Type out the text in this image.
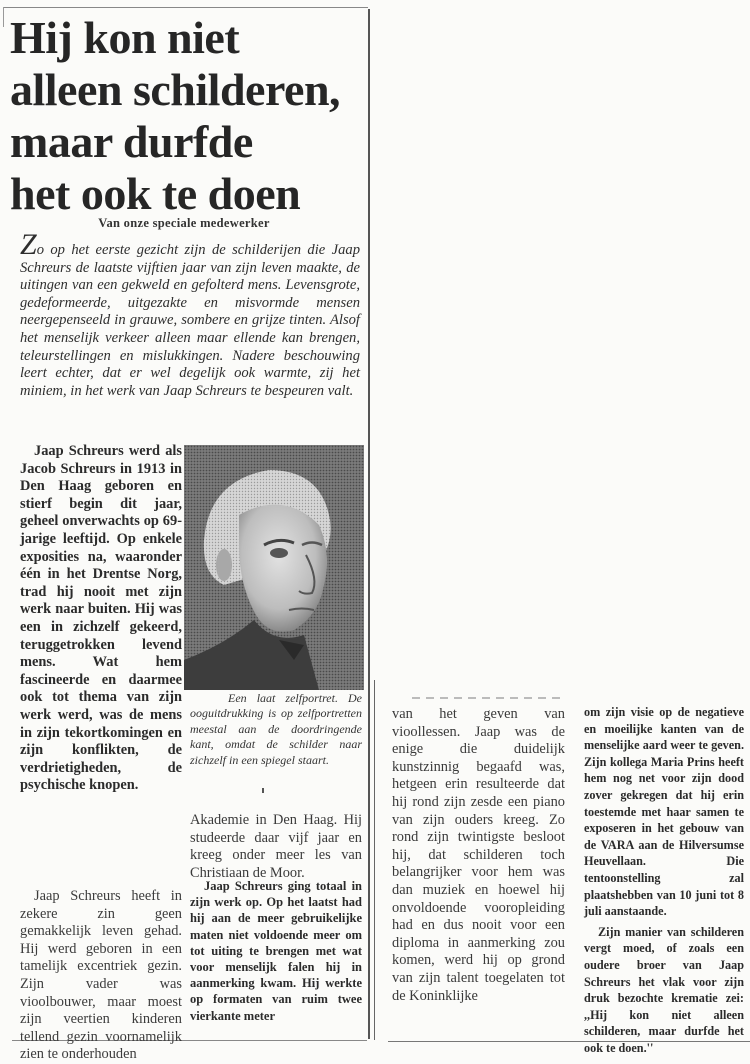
Hij kon niet
alleen schilderen,
maar durfde
het ook te doen
Van onze speciale medewerker
Zo op het eerste gezicht zijn de schilderijen die Jaap Schreurs de laatste vijftien jaar van zijn leven maakte, de uitingen van een gekweld en gefolterd mens. Levensgrote, gedeformeerde, uitgezakte en misvormde mensen neergepenseeld in grauwe, sombere en grijze tinten. Alsof het menselijk verkeer alleen maar ellende kan brengen, teleurstellingen en mislukkingen. Nadere beschouwing leert echter, dat er wel degelijk ook warmte, zij het miniem, in het werk van Jaap Schreurs te bespeuren valt.

Jaap Schreurs werd als Jacob Schreurs in 1913 in Den Haag geboren en stierf begin dit jaar, geheel onverwachts op 69-jarige leeftijd. Op enkele exposities na, waaronder één in het Drentse Norg, trad hij nooit met zijn werk naar buiten. Hij was een in zichzelf gekeerd, teruggetrokken levend mens. Wat hem fascineerde en daarmee ook tot thema van zijn werk werd, was de mens in zijn tekortkomingen en zijn konflikten, de verdrietigheden, de psychische knopen.

Jaap Schreurs heeft in zekere zin geen gemakkelijk leven gehad. Hij werd geboren in een tamelijk excentriek gezin. Zijn vader was vioolbouwer, maar moest zijn veertien kinderen tellend gezin voornamelijk zien te onderhouden

Een laat zelfportret. De ooguitdrukking is op zelfportretten meestal aan de doordringende kant, omdat de schilder naar zichzelf in een spiegel staart.

Akademie in Den Haag. Hij studeerde daar vijf jaar en kreeg onder meer les van Christiaan de Moor.

Jaap Schreurs ging totaal in zijn werk op. Op het laatst had hij aan de meer gebruikelijke maten niet voldoende meer om tot uiting te brengen met wat voor menselijk falen hij in aanmerking kwam. Hij werkte op formaten van ruim twee vierkante meter

van het geven van vioollessen. Jaap was de enige die duidelijk kunstzinnig begaafd was, hetgeen erin resulteerde dat hij rond zijn zesde een piano van zijn ouders kreeg. Zo rond zijn twintigste besloot hij, dat schilderen toch belangrijker voor hem was dan muziek en hoewel hij onvoldoende vooropleiding had en dus nooit voor een diploma in aanmerking zou komen, werd hij op grond van zijn talent toegelaten tot de Koninklijke

om zijn visie op de negatieve en moeilijke kanten van de menselijke aard weer te geven. Zijn kollega Maria Prins heeft hem nog net voor zijn dood zover gekregen dat hij erin toestemde met haar samen te exposeren in het gebouw van de VARA aan de Hilversumse Heuvellaan. Die tentoonstelling zal plaatshebben van 10 juni tot 8 juli aanstaande.

Zijn manier van schilderen vergt moed, of zoals een oudere broer van Jaap Schreurs het vlak voor zijn druk bezochte krematie zei: ,,Hij kon niet alleen schilderen, maar durfde het ook te doen.''
